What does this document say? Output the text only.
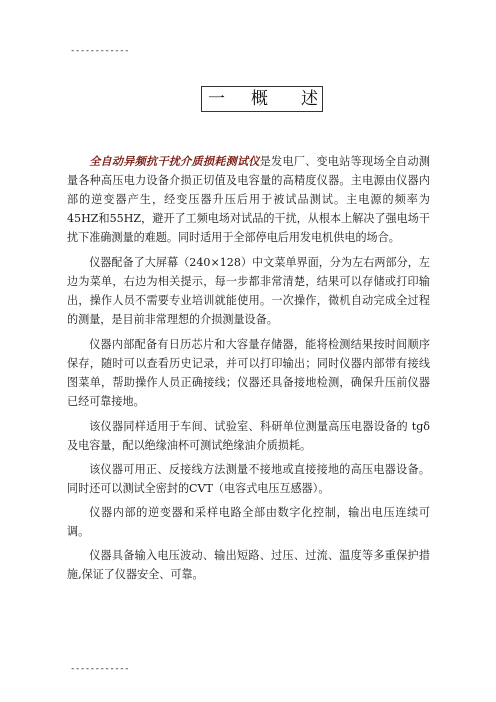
------------
一 概 述

全自动异频抗干扰介质损耗测试仪是发电厂、变电站等现场全自动测量各种高压电力设备介损正切值及电容量的高精度仪器。主电源由仪器内部的逆变器产生，经变压器升压后用于被试品测试。主电源的频率为45HZ和55HZ，避开了工频电场对试品的干扰，从根本上解决了强电场干扰下准确测量的难题。同时适用于全部停电后用发电机供电的场合。

仪器配备了大屏幕（240×128）中文菜单界面，分为左右两部分，左边为菜单，右边为相关提示，每一步都非常清楚，结果可以存储或打印输出，操作人员不需要专业培训就能使用。一次操作，微机自动完成全过程的测量，是目前非常理想的介损测量设备。

仪器内部配备有日历芯片和大容量存储器，能将检测结果按时间顺序保存，随时可以查看历史记录，并可以打印输出；同时仪器内部带有接线图菜单，帮助操作人员正确接线；仪器还具备接地检测，确保升压前仪器已经可靠接地。

该仪器同样适用于车间、试验室、科研单位测量高压电器设备的 tgδ 及电容量，配以绝缘油杯可测试绝缘油介质损耗。

该仪器可用正、反接线方法测量不接地或直接接地的高压电器设备。同时还可以测试全密封的CVT（电容式电压互感器）。

仪器内部的逆变器和采样电路全部由数字化控制，输出电压连续可调。

仪器具备输入电压波动、输出短路、过压、过流、温度等多重保护措施,保证了仪器安全、可靠。

------------
